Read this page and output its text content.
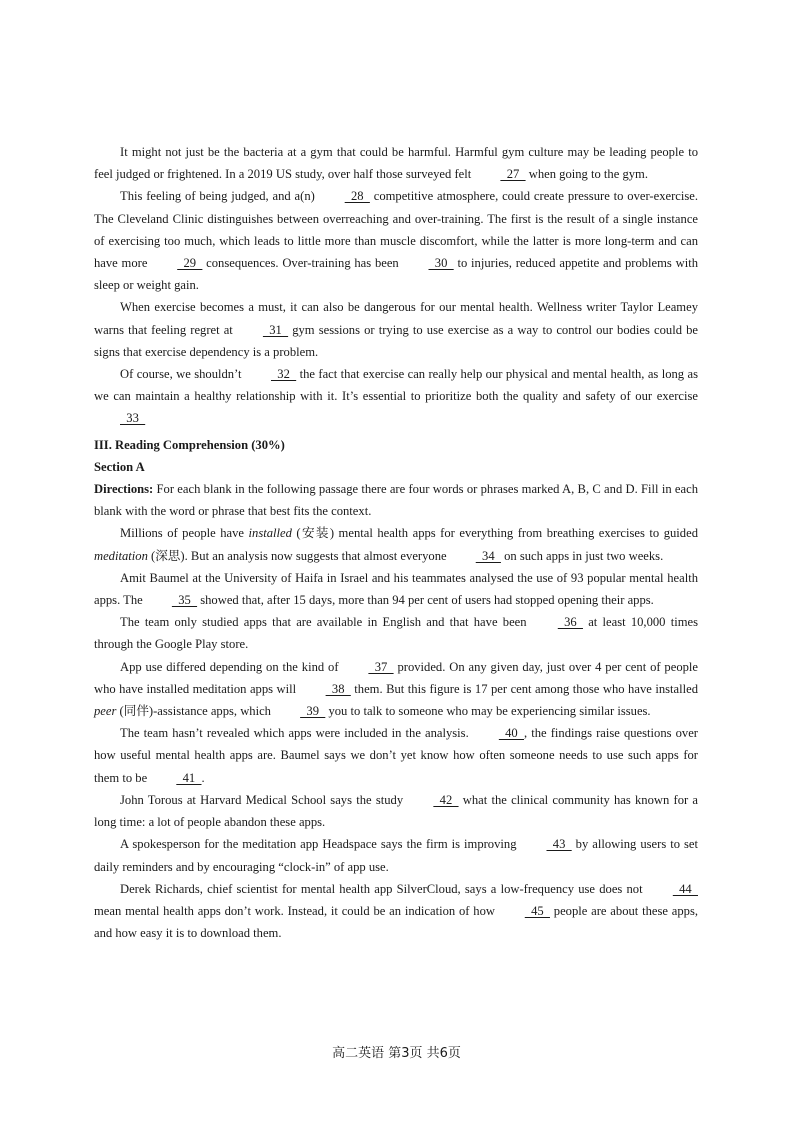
It might not just be the bacteria at a gym that could be harmful. Harmful gym culture may be leading people to feel judged or frightened. In a 2019 US study, over half those surveyed felt   27   when going to the gym.

This feeling of being judged, and a(n)   28   competitive atmosphere, could create pressure to over-exercise. The Cleveland Clinic distinguishes between overreaching and over-training. The first is the result of a single instance of exercising too much, which leads to little more than muscle discomfort, while the latter is more long-term and can have more   29   consequences. Over-training has been   30   to injuries, reduced appetite and problems with sleep or weight gain.

When exercise becomes a must, it can also be dangerous for our mental health. Wellness writer Taylor Leamey warns that feeling regret at   31   gym sessions or trying to use exercise as a way to control our bodies could be signs that exercise dependency is a problem.

Of course, we shouldn’t   32   the fact that exercise can really help our physical and mental health, as long as we can maintain a healthy relationship with it. It’s essential to prioritize both the quality and safety of our exercise   33

III. Reading Comprehension (30%)

Section A

Directions: For each blank in the following passage there are four words or phrases marked A, B, C and D. Fill in each blank with the word or phrase that best fits the context.

Millions of people have installed (安装) mental health apps for everything from breathing exercises to guided meditation (深思). But an analysis now suggests that almost everyone   34   on such apps in just two weeks.

Amit Baumel at the University of Haifa in Israel and his teammates analysed the use of 93 popular mental health apps. The   35   showed that, after 15 days, more than 94 per cent of users had stopped opening their apps.

The team only studied apps that are available in English and that have been   36   at least 10,000 times through the Google Play store.

App use differed depending on the kind of   37   provided. On any given day, just over 4 per cent of people who have installed meditation apps will   38   them. But this figure is 17 per cent among those who have installed peer (同伴)-assistance apps, which   39   you to talk to someone who may be experiencing similar issues.

The team hasn’t revealed which apps were included in the analysis.   40  , the findings raise questions over how useful mental health apps are. Baumel says we don’t yet know how often someone needs to use such apps for them to be   41  .

John Torous at Harvard Medical School says the study   42   what the clinical community has known for a long time: a lot of people abandon these apps.

A spokesperson for the meditation app Headspace says the firm is improving   43   by allowing users to set daily reminders and by encouraging “clock-in” of app use.

Derek Richards, chief scientist for mental health app SilverCloud, says a low-frequency use does not   44   mean mental health apps don’t work. Instead, it could be an indication of how   45   people are about these apps, and how easy it is to download them.

高二英语 第3页 共6页
